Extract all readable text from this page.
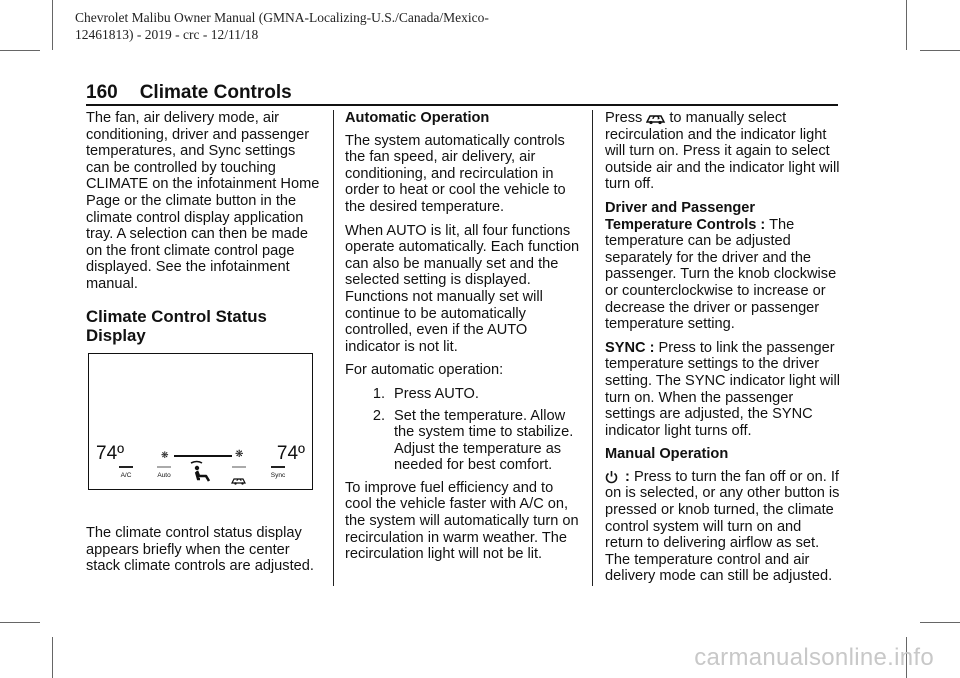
Chevrolet Malibu Owner Manual (GMNA-Localizing-U.S./Canada/Mexico-
12461813) - 2019 - crc - 12/11/18
160 Climate Controls

The fan, air delivery mode, air conditioning, driver and passenger temperatures, and Sync settings can be controlled by touching CLIMATE on the infotainment Home Page or the climate button in the climate control display application tray. A selection can then be made on the front climate control page displayed. See the infotainment manual.

Climate Control Status Display
74º	❋	❋ 74º
A/C	Auto	Sync

The climate control status display appears briefly when the center stack climate controls are adjusted.

Automatic Operation

The system automatically controls the fan speed, air delivery, air conditioning, and recirculation in order to heat or cool the vehicle to the desired temperature.

When AUTO is lit, all four functions operate automatically. Each function can also be manually set and the selected setting is displayed. Functions not manually set will continue to be automatically controlled, even if the AUTO indicator is not lit.

For automatic operation:

1. Press AUTO.
2. Set the temperature. Allow the system time to stabilize. Adjust the temperature as needed for best comfort.

To improve fuel efficiency and to cool the vehicle faster with A/C on, the system will automatically turn on recirculation in warm weather. The recirculation light will not be lit.

Press to manually select recirculation and the indicator light will turn on. Press it again to select outside air and the indicator light will turn off.

Driver and Passenger Temperature Controls : The temperature can be adjusted separately for the driver and the passenger. Turn the knob clockwise or counterclockwise to increase or decrease the driver or passenger temperature setting.

SYNC : Press to link the passenger temperature settings to the driver setting. The SYNC indicator light will turn on. When the passenger settings are adjusted, the SYNC indicator light turns off.

Manual Operation

: Press to turn the fan off or on. If on is selected, or any other button is pressed or knob turned, the climate control system will turn on and return to delivering airflow as set. The temperature control and air delivery mode can still be adjusted.

carmanualsonline.info
